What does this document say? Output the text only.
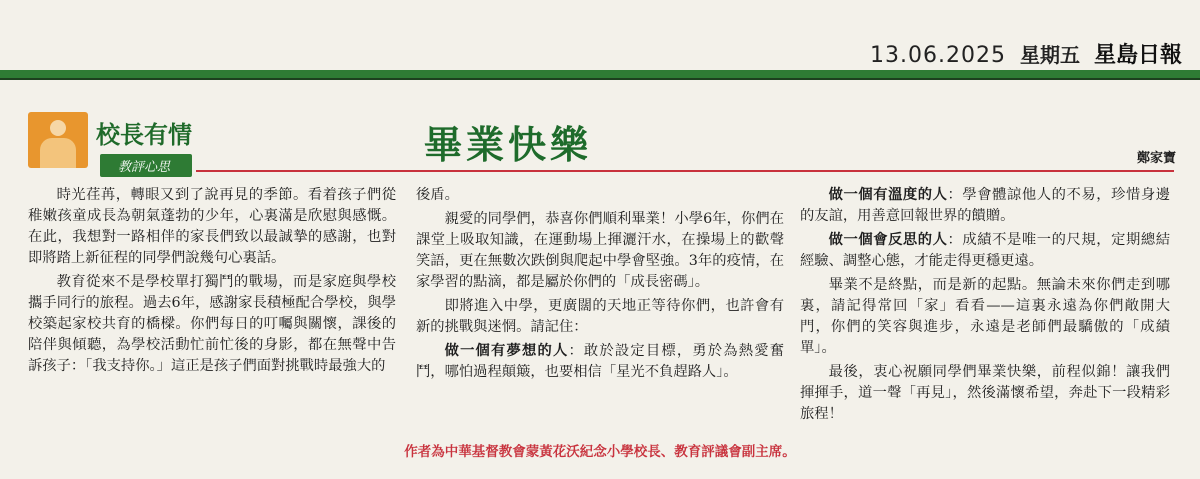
13.06.2025 星期五 星島日報
校長有情
教評心思
畢業快樂	鄭家寶

時光荏苒，轉眼又到了說再見的季節。看着孩子們從稚嫩孩童成長為朝氣蓬勃的少年，心裏滿是欣慰與感慨。在此，我想對一路相伴的家長們致以最誠摯的感謝，也對即將踏上新征程的同學們說幾句心裏話。

教育從來不是學校單打獨鬥的戰場，而是家庭與學校攜手同行的旅程。過去6年，感謝家長積極配合學校，與學校築起家校共育的橋樑。你們每日的叮囑與關懷，課後的陪伴與傾聽，為學校活動忙前忙後的身影，都在無聲中告訴孩子：「我支持你。」這正是孩子們面對挑戰時最強大的

後盾。

親愛的同學們，恭喜你們順利畢業！小學6年，你們在課堂上吸取知識，在運動場上揮灑汗水，在操場上的歡聲笑語，更在無數次跌倒與爬起中學會堅強。3年的疫情，在家學習的點滴，都是屬於你們的「成長密碼」。

即將進入中學，更廣闊的天地正等待你們，也許會有新的挑戰與迷惘。請記住：

做一個有夢想的人：敢於設定目標，勇於為熱愛奮鬥，哪怕過程顛簸，也要相信「星光不負趕路人」。

做一個有溫度的人：學會體諒他人的不易，珍惜身邊的友誼，用善意回報世界的饋贈。

做一個會反思的人：成績不是唯一的尺規，定期總結經驗、調整心態，才能走得更穩更遠。

畢業不是終點，而是新的起點。無論未來你們走到哪裏，請記得常回「家」看看——這裏永遠為你們敞開大門，你們的笑容與進步，永遠是老師們最驕傲的「成績單」。

最後，衷心祝願同學們畢業快樂，前程似錦！讓我們揮揮手，道一聲「再見」，然後滿懷希望，奔赴下一段精彩旅程！

作者為中華基督教會蒙黃花沃紀念小學校長、教育評議會副主席。
